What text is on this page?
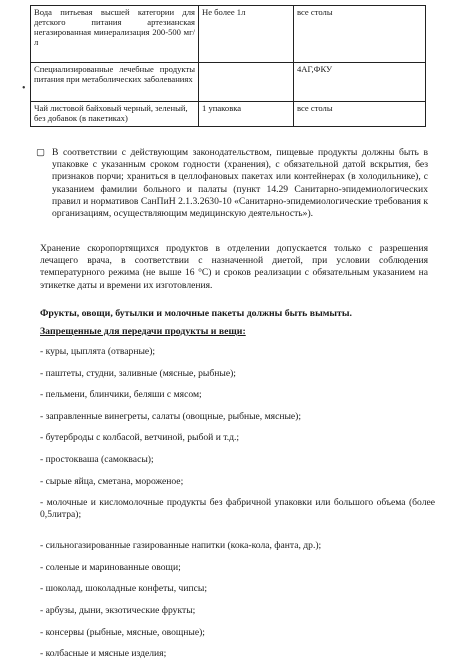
Вода питьевая высшей категории для детского питания артезианская негазированная минерализация 200-500 мг/л	Не более 1л	все столы
Специализированные лечебные продукты питания при метаболических заболеваниях		4АГ,ФКУ
Чай листовой байховый черный, зеленый, без добавок (в пакетиках)	1 упаковка	все столы
•
▢ В соответствии с действующим законодательством, пищевые продукты должны быть в упаковке с указанным сроком годности (хранения), с обязательной датой вскрытия, без признаков порчи; храниться в целлофановых пакетах или контейнерах (в холодильнике), с указанием фамилии больного и палаты (пункт 14.29 Санитарно-эпидемиологических правил и нормативов СанПиН 2.1.3.2630-10 «Санитарно-эпидемиологические требования к организациям, осуществляющим медицинскую деятельность»).
Хранение скоропортящихся продуктов в отделении допускается только с разрешения лечащего врача, в соответствии с назначенной диетой, при условии соблюдения температурного режима (не выше 16 °С) и сроков реализации с обязательным указанием на этикетке даты и времени их изготовления.
Фрукты, овощи, бутылки и молочные пакеты должны быть вымыты.
Запрещенные для передачи продукты и вещи:
- куры, цыплята (отварные);
- паштеты, студни, заливные (мясные, рыбные);
- пельмени, блинчики, беляши с мясом;
- заправленные винегреты, салаты (овощные, рыбные, мясные);
- бутерброды с колбасой, ветчиной, рыбой и т.д.;
- простокваша (самоквасы);
- сырые яйца, сметана, мороженое;
- молочные и кисломолочные продукты без фабричной упаковки или большого объема (более 0,5литра);
- сильногазированные газированные напитки (кока-кола, фанта, др.);
- соленые и маринованные овощи;
- шоколад, шоколадные конфеты, чипсы;
- арбузы, дыни, экзотические фрукты;
- консервы (рыбные, мясные, овощные);
- колбасные и мясные изделия;
